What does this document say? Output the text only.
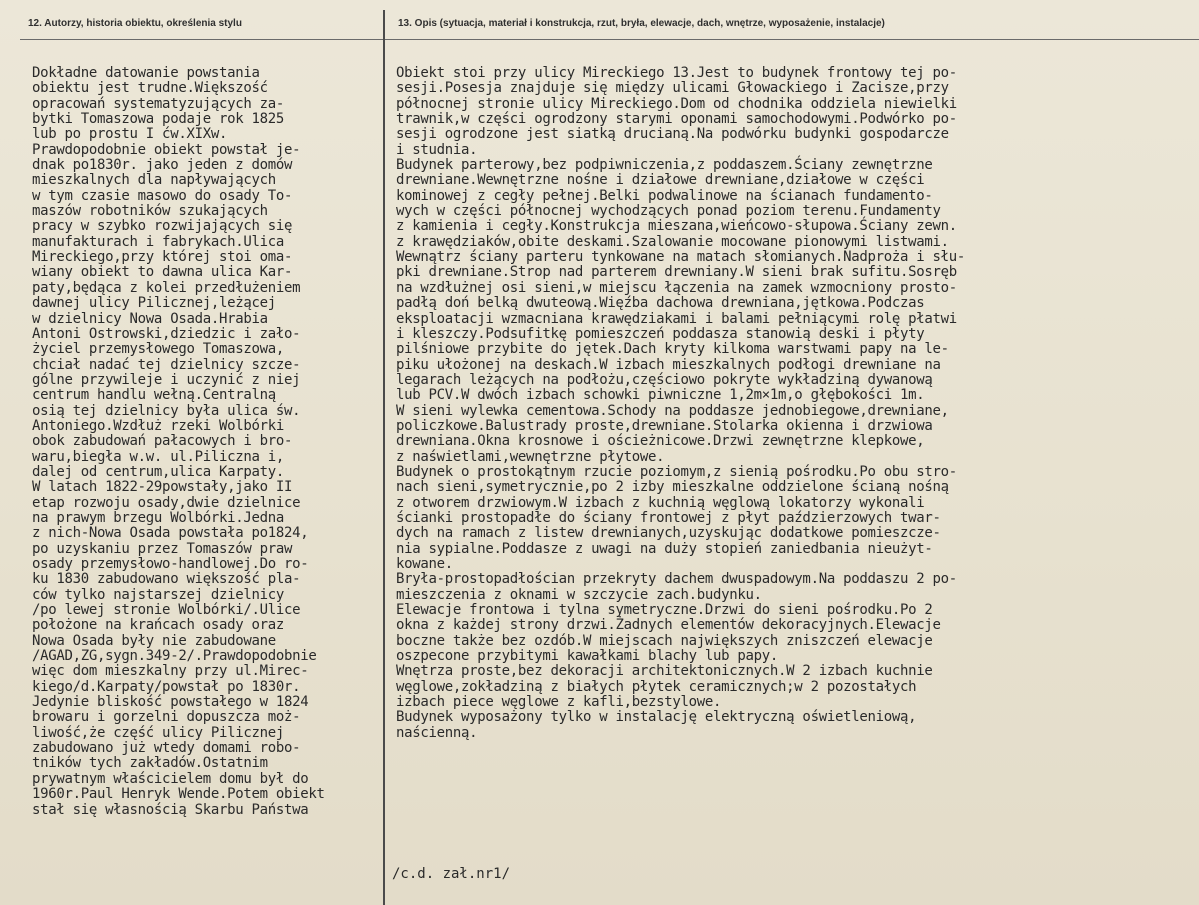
12. Autorzy, historia obiektu, określenia stylu	13. Opis (sytuacja, materiał i konstrukcja, rzut, bryła, elewacje, dach, wnętrze, wyposażenie, instalacje)
Dokładne datowanie powstania
obiektu jest trudne.Większość
opracowań systematyzujących za-
bytki Tomaszowa podaje rok 1825
lub po prostu I ćw.XIXw.
Prawdopodobnie obiekt powstał je-
dnak po1830r. jako jeden z domów
mieszkalnych dla napływających
w tym czasie masowo do osady To-
maszów robotników szukających
pracy w szybko rozwijających się
manufakturach i fabrykach.Ulica
Mireckiego,przy której stoi oma-
wiany obiekt to dawna ulica Kar-
paty,będąca z kolei przedłużeniem
dawnej ulicy Pilicznej,leżącej
w dzielnicy Nowa Osada.Hrabia
Antoni Ostrowski,dziedzic i zało-
życiel przemysłowego Tomaszowa,
chciał nadać tej dzielnicy szcze-
gólne przywileje i uczynić z niej
centrum handlu wełną.Centralną
osią tej dzielnicy była ulica św.
Antoniego.Wzdłuż rzeki Wolbórki
obok zabudowań pałacowych i bro-
waru,biegła w.w. ul.Piliczna i,
dalej od centrum,ulica Karpaty.
W latach 1822-29powstały,jako II
etap rozwoju osady,dwie dzielnice
na prawym brzegu Wolbórki.Jedna
z nich-Nowa Osada powstała po1824,
po uzyskaniu przez Tomaszów praw
osady przemysłowo-handlowej.Do ro-
ku 1830 zabudowano większość pla-
ców tylko najstarszej dzielnicy
/po lewej stronie Wolbórki/.Ulice
położone na krańcach osady oraz
Nowa Osada były nie zabudowane
/AGAD,ZG,sygn.349-2/.Prawdopodobnie
więc dom mieszkalny przy ul.Mirec-
kiego/d.Karpaty/powstał po 1830r.
Jedynie bliskość powstałego w 1824
browaru i gorzelni dopuszcza moż-
liwość,że część ulicy Pilicznej
zabudowano już wtedy domami robo-
tników tych zakładów.Ostatnim
prywatnym właścicielem domu był do
1960r.Paul Henryk Wende.Potem obiekt
stał się własnością Skarbu Państwa
Obiekt stoi przy ulicy Mireckiego 13.Jest to budynek frontowy tej po-
sesji.Posesja znajduje się między ulicami Głowackiego i Zacisze,przy
północnej stronie ulicy Mireckiego.Dom od chodnika oddziela niewielki
trawnik,w części ogrodzony starymi oponami samochodowymi.Podwórko po-
sesji ogrodzone jest siatką drucianą.Na podwórku budynki gospodarcze
i studnia.
Budynek parterowy,bez podpiwniczenia,z poddaszem.Ściany zewnętrzne
drewniane.Wewnętrzne nośne i działowe drewniane,działowe w części
kominowej z cegły pełnej.Belki podwalinowe na ścianach fundamento-
wych w części północnej wychodzących ponad poziom terenu.Fundamenty
z kamienia i cegły.Konstrukcja mieszana,wieńcowo-słupowa.Ściany zewn.
z krawędziaków,obite deskami.Szalowanie mocowane pionowymi listwami.
Wewnątrz ściany parteru tynkowane na matach słomianych.Nadproża i słu-
pki drewniane.Strop nad parterem drewniany.W sieni brak sufitu.Sosręb
na wzdłużnej osi sieni,w miejscu łączenia na zamek wzmocniony prosto-
padłą doń belką dwuteową.Więźba dachowa drewniana,jętkowa.Podczas
eksploatacji wzmacniana krawędziakami i balami pełniącymi rolę płatwi
i kleszczy.Podsufitkę pomieszczeń poddasza stanowią deski i płyty
pilśniowe przybite do jętek.Dach kryty kilkoma warstwami papy na le-
piku ułożonej na deskach.W izbach mieszkalnych podłogi drewniane na
legarach leżących na podłożu,częściowo pokryte wykładziną dywanową
lub PCV.W dwóch izbach schowki piwniczne 1,2m×1m,o głębokości 1m.
W sieni wylewka cementowa.Schody na poddasze jednobiegowe,drewniane,
policzkowe.Balustrady proste,drewniane.Stolarka okienna i drzwiowa
drewniana.Okna krosnowe i ościeżnicowe.Drzwi zewnętrzne klepkowe,
z naświetlami,wewnętrzne płytowe.
Budynek o prostokątnym rzucie poziomym,z sienią pośrodku.Po obu stro-
nach sieni,symetrycznie,po 2 izby mieszkalne oddzielone ścianą nośną
z otworem drzwiowym.W izbach z kuchnią węglową lokatorzy wykonali
ścianki prostopadłe do ściany frontowej z płyt paździerzowych twar-
dych na ramach z listew drewnianych,uzyskując dodatkowe pomieszcze-
nia sypialne.Poddasze z uwagi na duży stopień zaniedbania nieużyt-
kowane.
Bryła-prostopadłościan przekryty dachem dwuspadowym.Na poddaszu 2 po-
mieszczenia z oknami w szczycie zach.budynku.
Elewacje frontowa i tylna symetryczne.Drzwi do sieni pośrodku.Po 2
okna z każdej strony drzwi.Żadnych elementów dekoracyjnych.Elewacje
boczne także bez ozdób.W miejscach największych zniszczeń elewacje
oszpecone przybitymi kawałkami blachy lub papy.
Wnętrza proste,bez dekoracji architektonicznych.W 2 izbach kuchnie
węglowe,zokładziną z białych płytek ceramicznych;w 2 pozostałych
izbach piece węglowe z kafli,bezstylowe.
Budynek wyposażony tylko w instalację elektryczną oświetleniową,
naścienną.
/c.d. zał.nr1/
